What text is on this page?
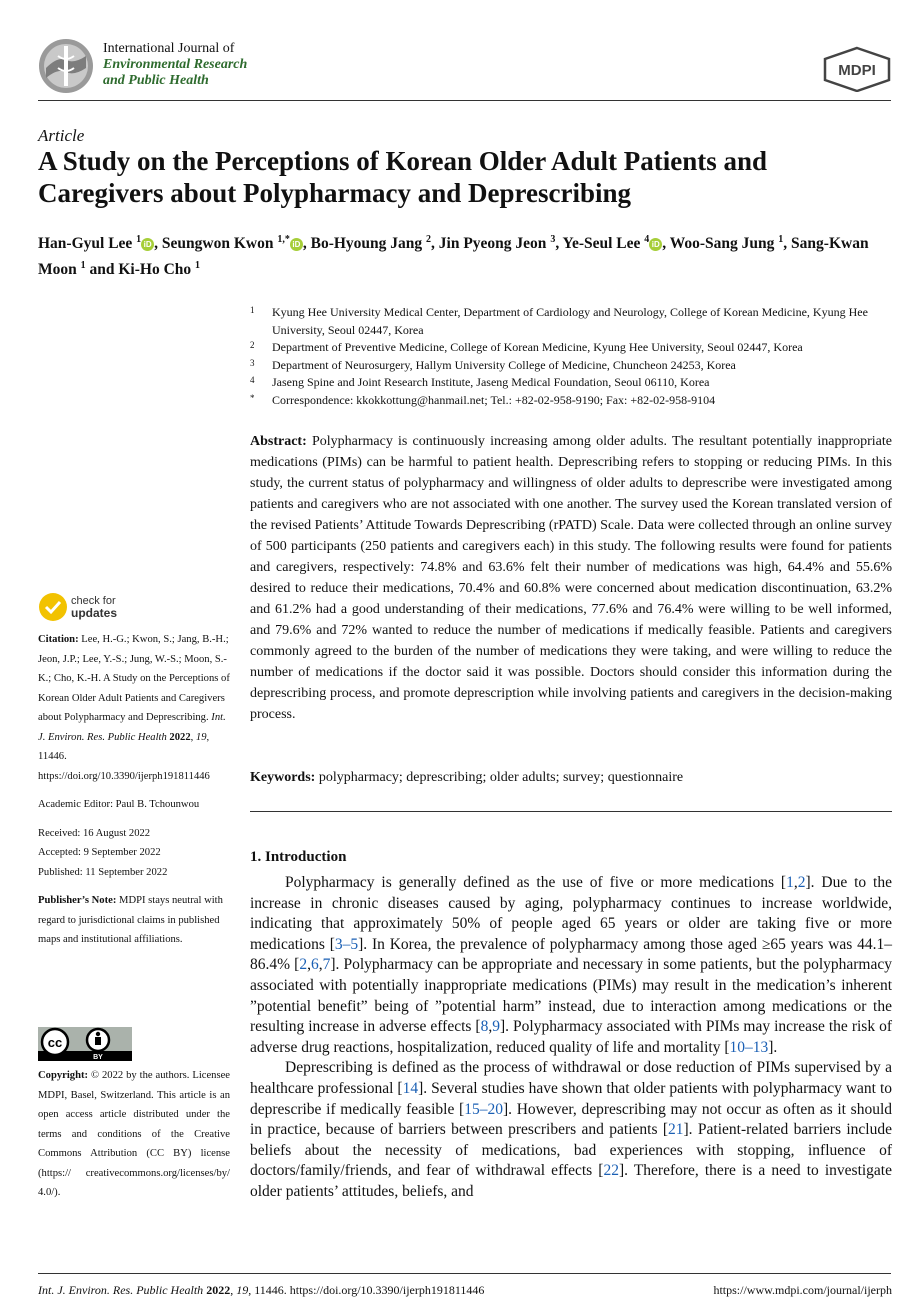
International Journal of
Environmental Research
and Public Health
MDPI
Article
A Study on the Perceptions of Korean Older Adult Patients and Caregivers about Polypharmacy and Deprescribing
Han-Gyul Lee $^1$ iD , Seungwon Kwon $^{1,*}$ iD , Bo-Hyoung Jang $^2$, Jin Pyeong Jeon $^3$, Ye-Seul Lee $^4$ iD , Woo-Sang Jung $^1$, Sang-Kwan Moon $^1$ and Ki-Ho Cho $^1$
1	Kyung Hee University Medical Center, Department of Cardiology and Neurology, College of Korean Medicine, Kyung Hee University, Seoul 02447, Korea
2	Department of Preventive Medicine, College of Korean Medicine, Kyung Hee University, Seoul 02447, Korea
3	Department of Neurosurgery, Hallym University College of Medicine, Chuncheon 24253, Korea
4	Jaseng Spine and Joint Research Institute, Jaseng Medical Foundation, Seoul 06110, Korea
*	Correspondence: kkokkottung@hanmail.net; Tel.: +82-02-958-9190; Fax: +82-02-958-9104
Abstract: Polypharmacy is continuously increasing among older adults. The resultant potentially inappropriate medications (PIMs) can be harmful to patient health. Deprescribing refers to stopping or reducing PIMs. In this study, the current status of polypharmacy and willingness of older adults to deprescribe were investigated among patients and caregivers who are not associated with one another. The survey used the Korean translated version of the revised Patients’ Attitude Towards Deprescribing (rPATD) Scale. Data were collected through an online survey of 500 participants (250 patients and caregivers each) in this study. The following results were found for patients and caregivers, respectively: 74.8% and 63.6% felt their number of medications was high, 64.4% and 55.6% desired to reduce their medications, 70.4% and 60.8% were concerned about medication discontinuation, 63.2% and 61.2% had a good understanding of their medications, 77.6% and 76.4% were willing to be well informed, and 79.6% and 72% wanted to reduce the number of medications if medically feasible. Patients and caregivers commonly agreed to the burden of the number of medications they were taking, and were willing to reduce the number of medications if the doctor said it was possible. Doctors should consider this information during the deprescribing process, and promote deprescription while involving patients and caregivers in the decision-making process.
Keywords: polypharmacy; deprescribing; older adults; survey; questionnaire
1. Introduction

Polypharmacy is generally defined as the use of five or more medications [1,2]. Due to the increase in chronic diseases caused by aging, polypharmacy continues to increase worldwide, indicating that approximately 50% of people aged 65 years or older are taking five or more medications [3–5]. In Korea, the prevalence of polypharmacy among those aged ≥65 years was 44.1–86.4% [2,6,7]. Polypharmacy can be appropriate and necessary in some patients, but the polypharmacy associated with potentially inappropriate medications (PIMs) may result in the medication’s inherent ”potential benefit” being of ”potential harm” instead, due to interaction among medications or the resulting increase in adverse effects [8,9]. Polypharmacy associated with PIMs may increase the risk of adverse drug reactions, hospitalization, reduced quality of life and mortality [10–13].

Deprescribing is defined as the process of withdrawal or dose reduction of PIMs supervised by a healthcare professional [14]. Several studies have shown that older patients with polypharmacy want to deprescribe if medically feasible [15–20]. However, deprescribing may not occur as often as it should in practice, because of barriers between prescribers and patients [21]. Patient-related barriers include beliefs about the necessity of medications, bad experiences with stopping, influence of doctors/family/friends, and fear of withdrawal effects [22]. Therefore, there is a need to investigate older patients’ attitudes, beliefs, and

check for
updates

Citation: Lee, H.-G.; Kwon, S.; Jang, B.-H.; Jeon, J.P.; Lee, Y.-S.; Jung, W.-S.; Moon, S.-K.; Cho, K.-H. A Study on the Perceptions of Korean Older Adult Patients and Caregivers about Polypharmacy and Deprescribing. Int. J. Environ. Res. Public Health 2022, 19, 11446. https://doi.org/10.3390/ijerph191811446

Academic Editor: Paul B. Tchounwou

Received: 16 August 2022
Accepted: 9 September 2022
Published: 11 September 2022

Publisher’s Note: MDPI stays neutral with regard to jurisdictional claims in published maps and institutional affiliations.

cc
BY
Copyright: © 2022 by the authors. Licensee MDPI, Basel, Switzerland. This article is an open access article distributed under the terms and conditions of the Creative Commons Attribution (CC BY) license (https:// creativecommons.org/licenses/by/ 4.0/).
Int. J. Environ. Res. Public Health 2022, 19, 11446. https://doi.org/10.3390/ijerph191811446	https://www.mdpi.com/journal/ijerph
